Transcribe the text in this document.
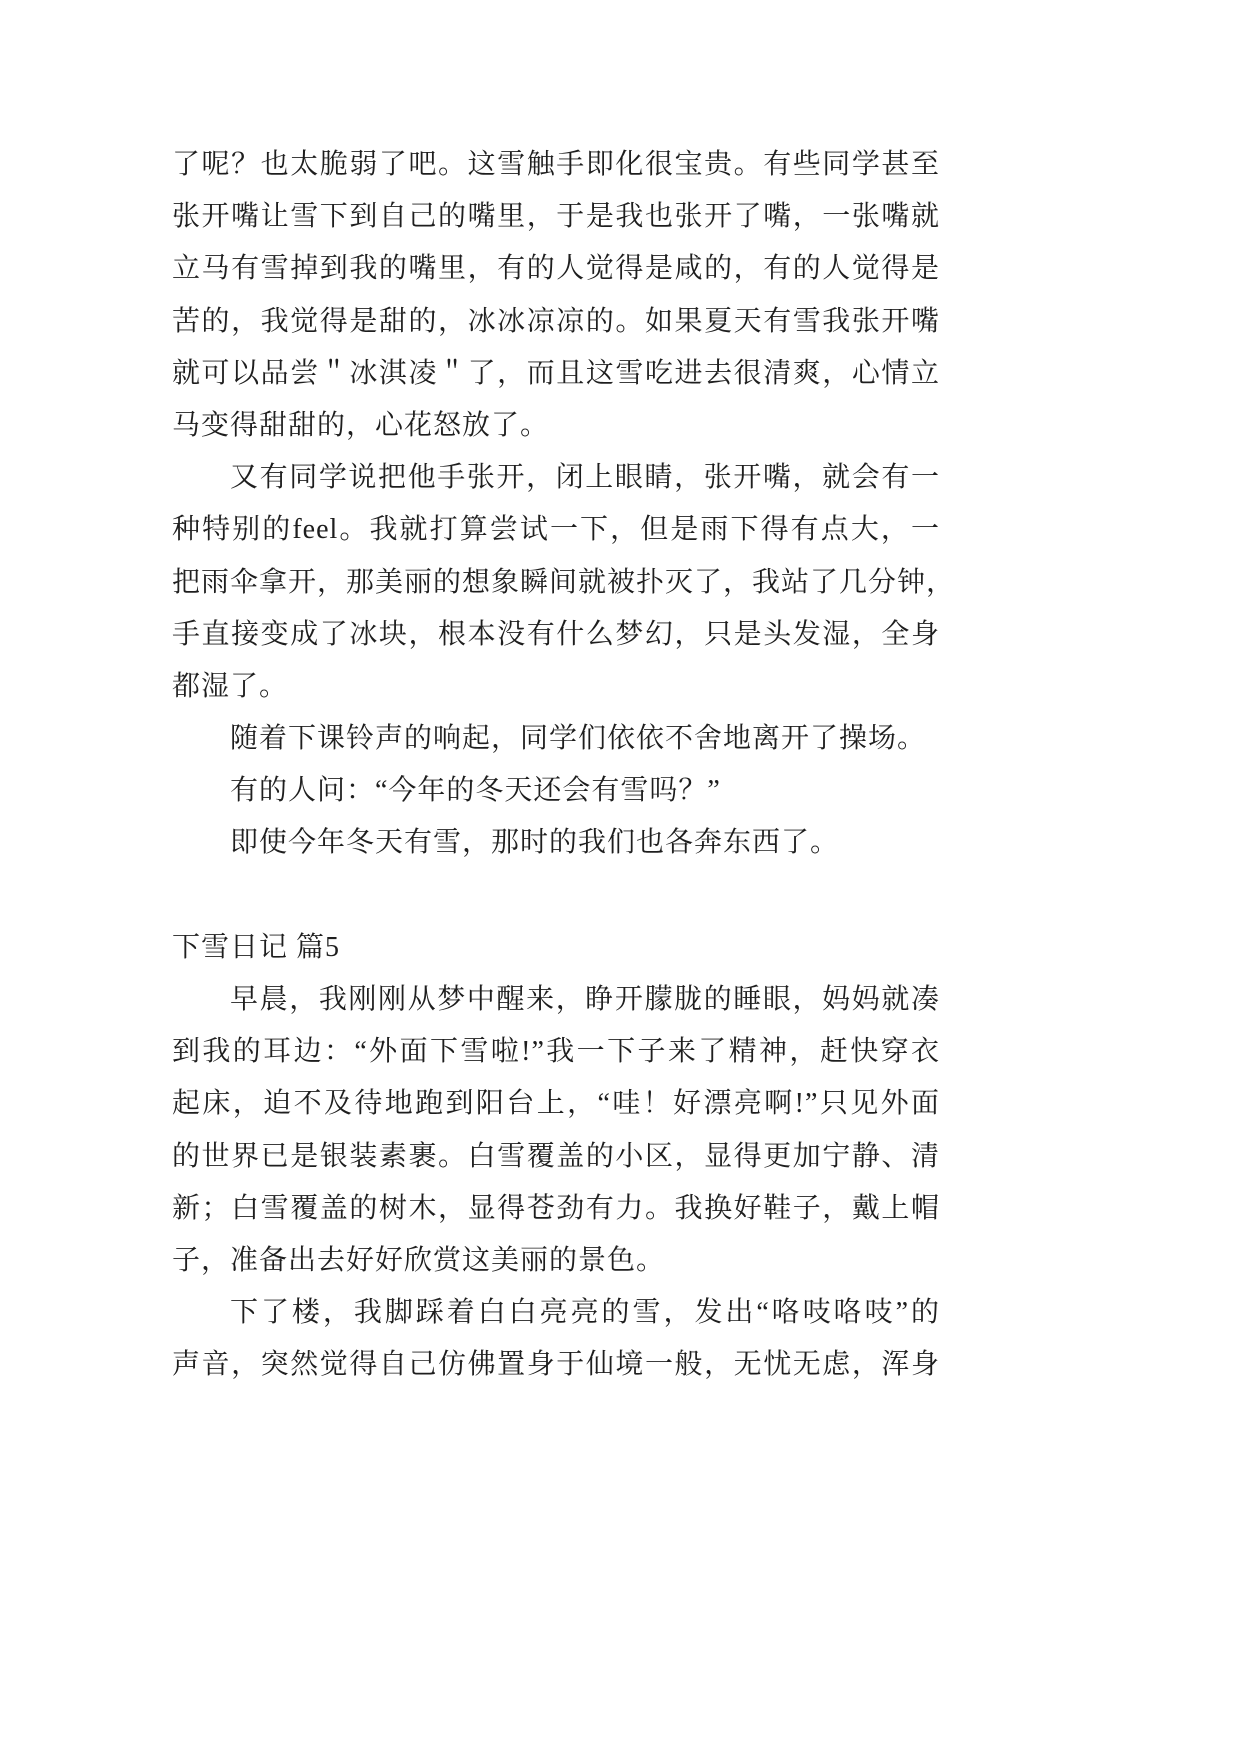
了呢？也太脆弱了吧。这雪触手即化很宝贵。有些同学甚至
张开嘴让雪下到自己的嘴里，于是我也张开了嘴，一张嘴就
立马有雪掉到我的嘴里，有的人觉得是咸的，有的人觉得是
苦的，我觉得是甜的，冰冰凉凉的。如果夏天有雪我张开嘴
就可以品尝＂冰淇凌＂了，而且这雪吃进去很清爽，心情立
马变得甜甜的，心花怒放了。
又有同学说把他手张开，闭上眼睛，张开嘴，就会有一
种特别的feel。我就打算尝试一下，但是雨下得有点大，一
把雨伞拿开，那美丽的想象瞬间就被扑灭了，我站了几分钟，
手直接变成了冰块，根本没有什么梦幻，只是头发湿，全身
都湿了。
随着下课铃声的响起，同学们依依不舍地离开了操场。
有的人问：“今年的冬天还会有雪吗？”
即使今年冬天有雪，那时的我们也各奔东西了。
下雪日记 篇5
早晨，我刚刚从梦中醒来，睁开朦胧的睡眼，妈妈就凑
到我的耳边：“外面下雪啦!”我一下子来了精神，赶快穿衣
起床，迫不及待地跑到阳台上，“哇！好漂亮啊!”只见外面
的世界已是银装素裹。白雪覆盖的小区，显得更加宁静、清
新；白雪覆盖的树木，显得苍劲有力。我换好鞋子，戴上帽
子，准备出去好好欣赏这美丽的景色。
下了楼，我脚踩着白白亮亮的雪，发出“咯吱咯吱”的
声音，突然觉得自己仿佛置身于仙境一般，无忧无虑，浑身
